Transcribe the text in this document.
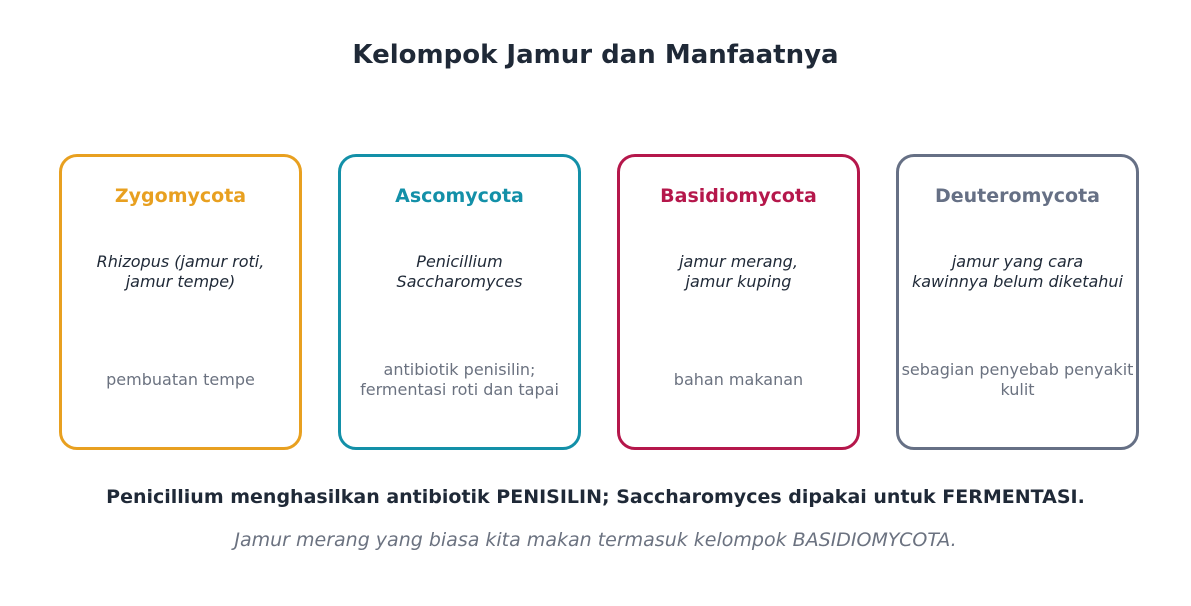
Kelompok Jamur dan Manfaatnya
Zygomycota
Rhizopus (jamur roti,
jamur tempe)
pembuatan tempe
Ascomycota
Penicillium
Saccharomyces
antibiotik penisilin;
fermentasi roti dan tapai
Basidiomycota
jamur merang,
jamur kuping
bahan makanan
Deuteromycota
jamur yang cara
kawinnya belum diketahui
sebagian penyebab penyakit
kulit
Penicillium menghasilkan antibiotik PENISILIN; Saccharomyces dipakai untuk FERMENTASI.
Jamur merang yang biasa kita makan termasuk kelompok BASIDIOMYCOTA.
